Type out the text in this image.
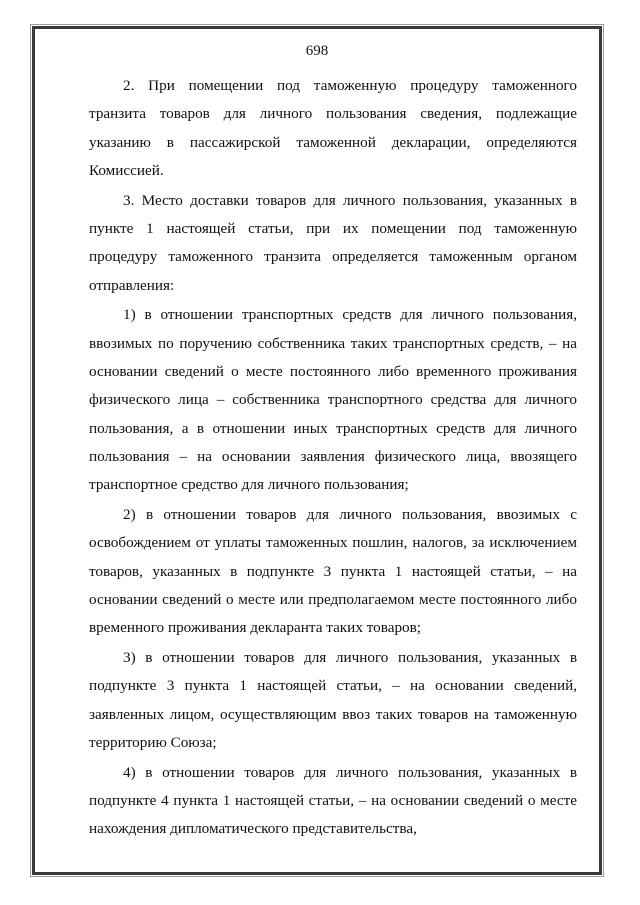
698

2. При помещении под таможенную процедуру таможенного транзита товаров для личного пользования сведения, подлежащие указанию в пассажирской таможенной декларации, определяются Комиссией.

3. Место доставки товаров для личного пользования, указанных в пункте 1 настоящей статьи, при их помещении под таможенную процедуру таможенного транзита определяется таможенным органом отправления:

1) в отношении транспортных средств для личного пользования, ввозимых по поручению собственника таких транспортных средств, – на основании сведений о месте постоянного либо временного проживания физического лица – собственника транспортного средства для личного пользования, а в отношении иных транспортных средств для личного пользования – на основании заявления физического лица, ввозящего транспортное средство для личного пользования;

2) в отношении товаров для личного пользования, ввозимых с освобождением от уплаты таможенных пошлин, налогов, за исключением товаров, указанных в подпункте 3 пункта 1 настоящей статьи, – на основании сведений о месте или предполагаемом месте постоянного либо временного проживания декларанта таких товаров;

3) в отношении товаров для личного пользования, указанных в подпункте 3 пункта 1 настоящей статьи, – на основании сведений, заявленных лицом, осуществляющим ввоз таких товаров на таможенную территорию Союза;

4) в отношении товаров для личного пользования, указанных в подпункте 4 пункта 1 настоящей статьи, – на основании сведений о месте нахождения дипломатического представительства,
